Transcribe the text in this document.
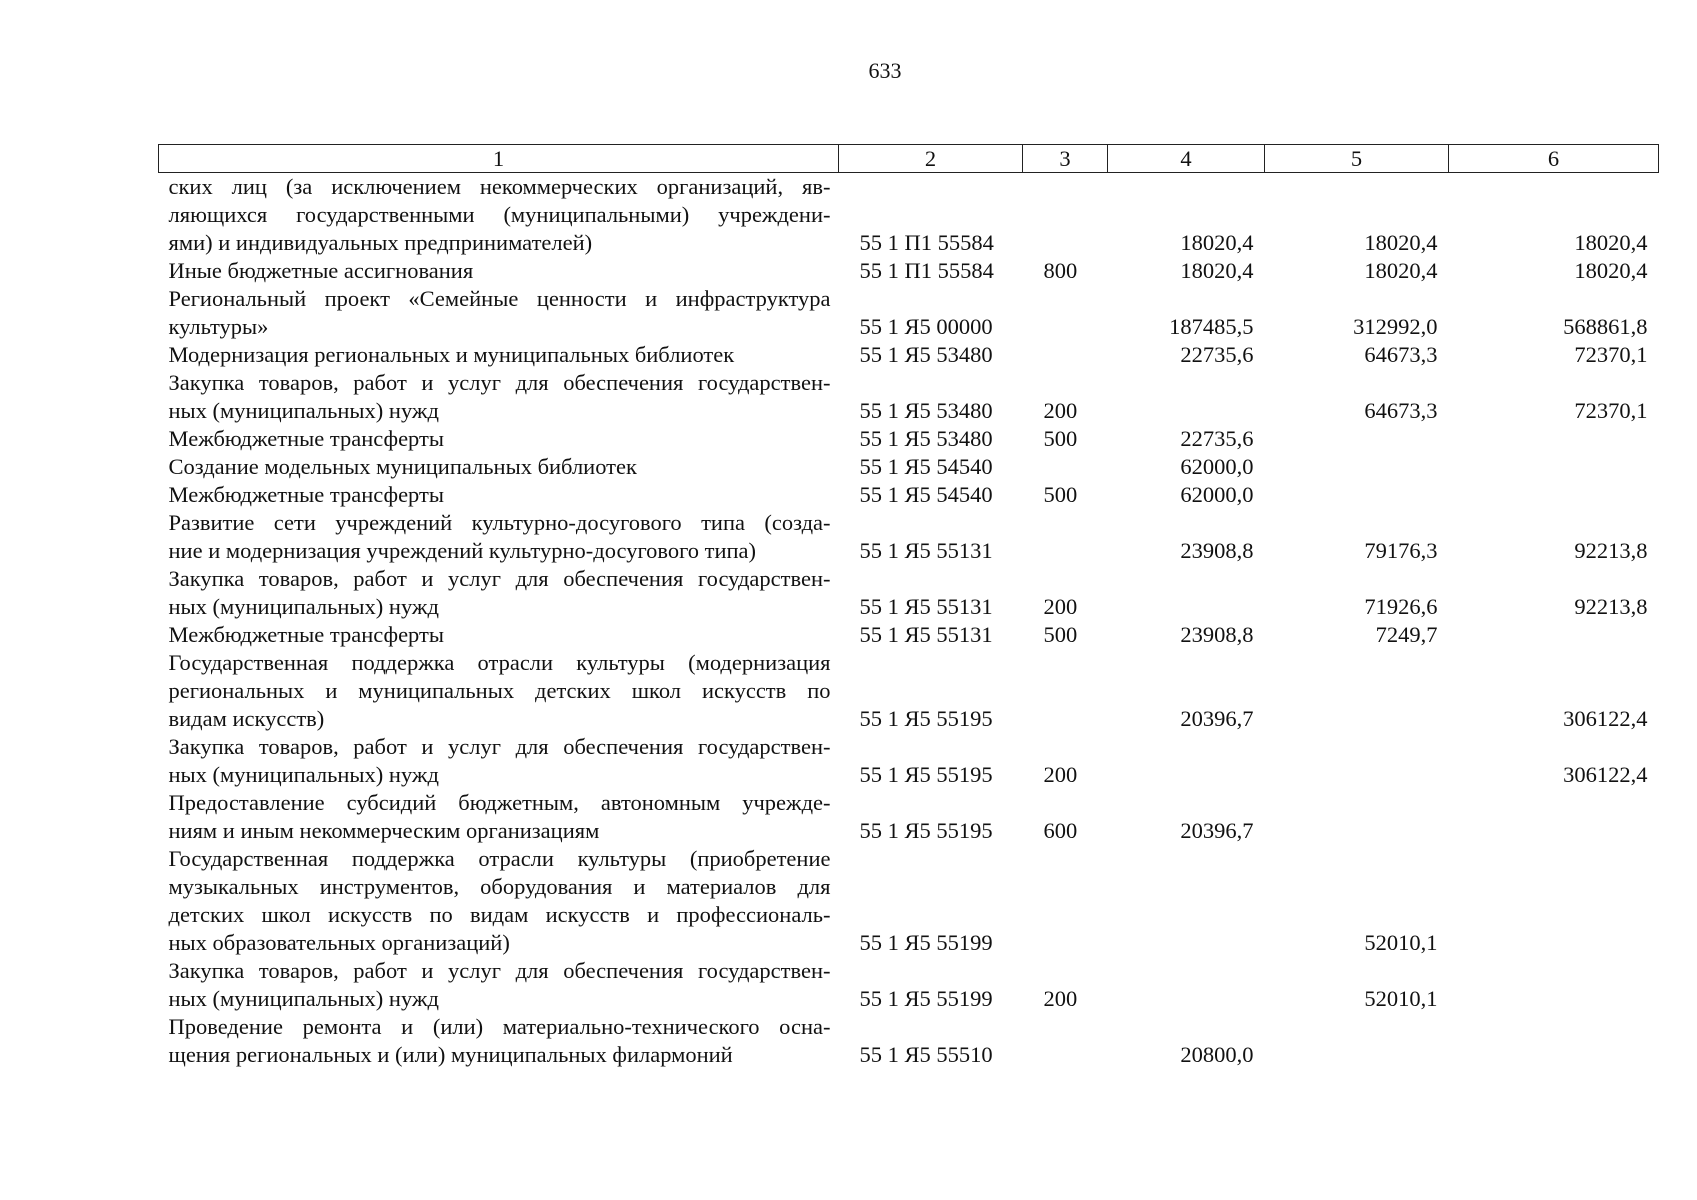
633
1	2	3	4	5	6

ских лиц (за исключением некоммерческих организаций, яв-
ляющихся государственными (муниципальными) учреждени-
ями) и индивидуальных предпринимателей)	55 1 П1 55584		18020,4	18020,4	18020,4

Иные бюджетные ассигнования	55 1 П1 55584	800	18020,4	18020,4	18020,4

Региональный проект «Семейные ценности и инфраструктура
культуры»	55 1 Я5 00000		187485,5	312992,0	568861,8

Модернизация региональных и муниципальных библиотек	55 1 Я5 53480		22735,6	64673,3	72370,1

Закупка товаров, работ и услуг для обеспечения государствен-
ных (муниципальных) нужд	55 1 Я5 53480	200		64673,3	72370,1

Межбюджетные трансферты	55 1 Я5 53480	500	22735,6		

Создание модельных муниципальных библиотек	55 1 Я5 54540		62000,0		

Межбюджетные трансферты	55 1 Я5 54540	500	62000,0		

Развитие сети учреждений культурно-досугового типа (созда-
ние и модернизация учреждений культурно-досугового типа)	55 1 Я5 55131		23908,8	79176,3	92213,8

Закупка товаров, работ и услуг для обеспечения государствен-
ных (муниципальных) нужд	55 1 Я5 55131	200		71926,6	92213,8

Межбюджетные трансферты	55 1 Я5 55131	500	23908,8	7249,7	

Государственная поддержка отрасли культуры (модернизация
региональных и муниципальных детских школ искусств по
видам искусств)	55 1 Я5 55195		20396,7		306122,4

Закупка товаров, работ и услуг для обеспечения государствен-
ных (муниципальных) нужд	55 1 Я5 55195	200			306122,4

Предоставление субсидий бюджетным, автономным учрежде-
ниям и иным некоммерческим организациям	55 1 Я5 55195	600	20396,7		

Государственная поддержка отрасли культуры (приобретение
музыкальных инструментов, оборудования и материалов для
детских школ искусств по видам искусств и профессиональ-
ных образовательных организаций)	55 1 Я5 55199			52010,1	

Закупка товаров, работ и услуг для обеспечения государствен-
ных (муниципальных) нужд	55 1 Я5 55199	200		52010,1	

Проведение ремонта и (или) материально-технического осна-
щения региональных и (или) муниципальных филармоний	55 1 Я5 55510		20800,0		
